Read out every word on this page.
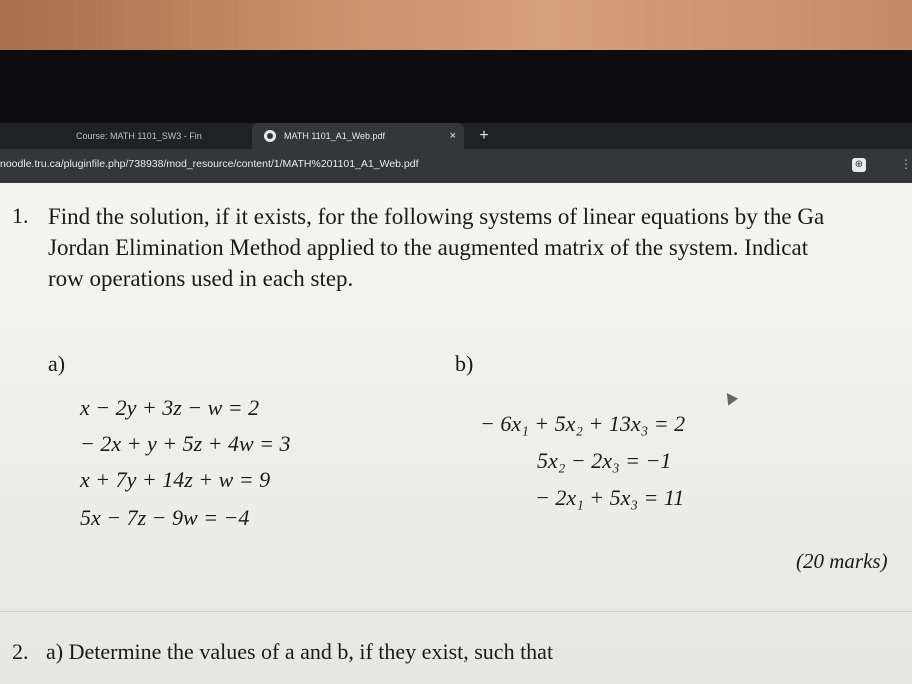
Course: MATH 1101_SW3 - Fin	MATH 1101_A1_Web.pdf	×	+
noodle.tru.ca/pluginfile.php/738938/mod_resource/content/1/MATH%201101_A1_Web.pdf	⊕	⋮
1. Find the solution, if it exists, for the following systems of linear equations by the Ga
Jordan Elimination Method applied to the augmented matrix of the system. Indicat
row operations used in each step.
a)
x − 2y + 3z − w = 2
− 2x + y + 5z + 4w = 3
x + 7y + 14z + w = 9
5x − 7z − 9w = −4
b)
− 6x₁ + 5x₂ + 13x₃ = 2
5x₂ − 2x₃ = −1
− 2x₁ + 5x₃ = 11
(20 marks)
2. a) Determine the values of a and b, if they exist, such that
